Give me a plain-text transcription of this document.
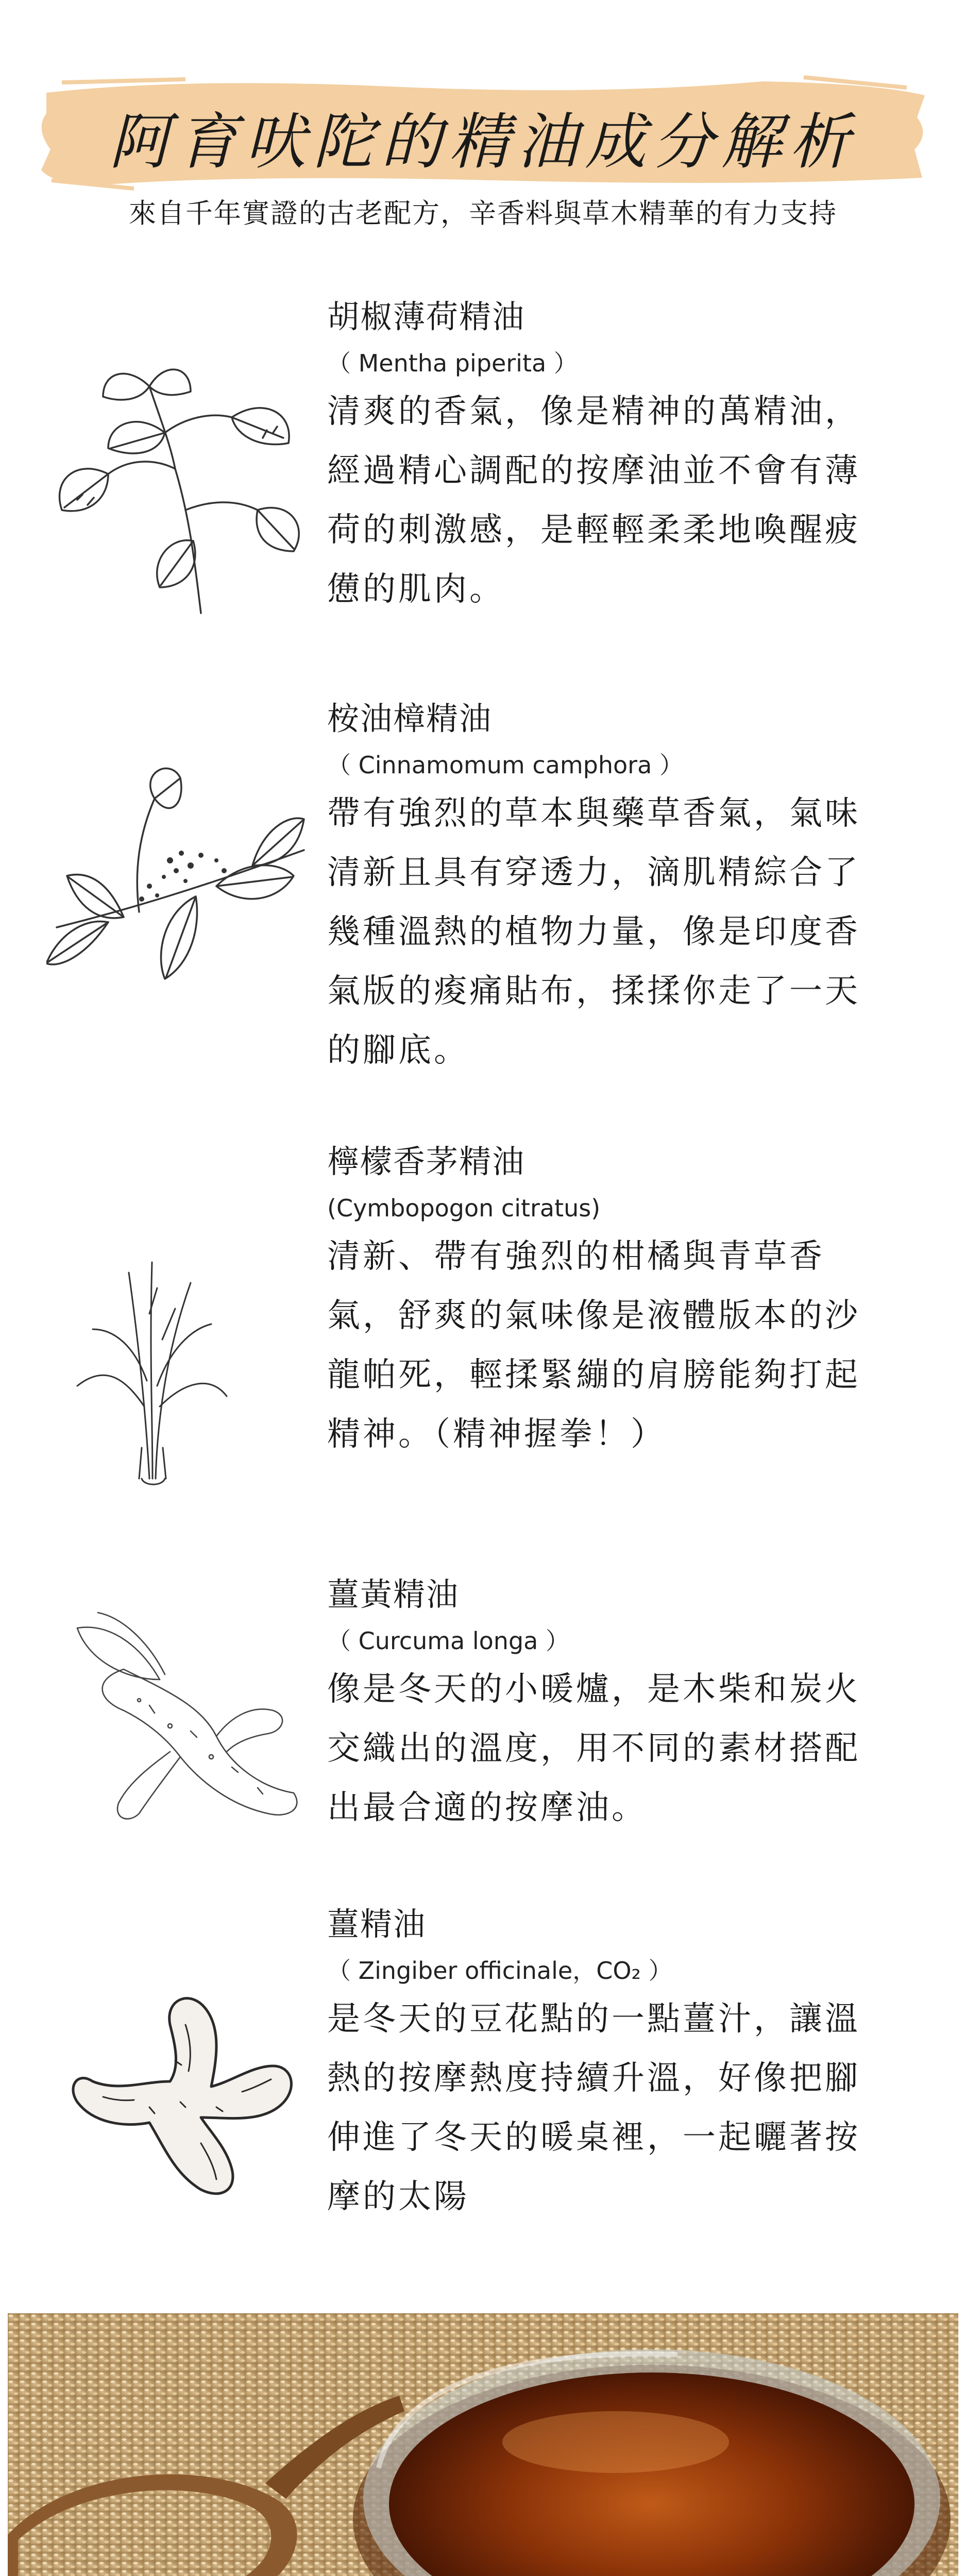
阿育吠陀的精油成分解析
來自千年實證的古老配方，辛香料與草木精華的有力支持
胡椒薄荷精油
（ Mentha piperita ）
清爽的香氣，像是精神的萬精油，經過精心調配的按摩油並不會有薄荷的刺激感，是輕輕柔柔地喚醒疲憊的肌肉。
桉油樟精油
（ Cinnamomum camphora ）
帶有強烈的草本與藥草香氣，氣味清新且具有穿透力，滴肌精綜合了幾種溫熱的植物力量，像是印度香氣版的痠痛貼布，揉揉你走了一天的腳底。
檸檬香茅精油
(Cymbopogon citratus)
清新、帶有強烈的柑橘與青草香氣，舒爽的氣味像是液體版本的沙龍帕死，輕揉緊繃的肩膀能夠打起精神。（精神握拳！）
薑黃精油
（ Curcuma longa ）
像是冬天的小暖爐，是木柴和炭火交織出的溫度，用不同的素材搭配出最合適的按摩油。
薑精油
（ Zingiber officinale，CO₂ ）
是冬天的豆花點的一點薑汁，讓溫熱的按摩熱度持續升溫，好像把腳伸進了冬天的暖桌裡，一起曬著按摩的太陽
